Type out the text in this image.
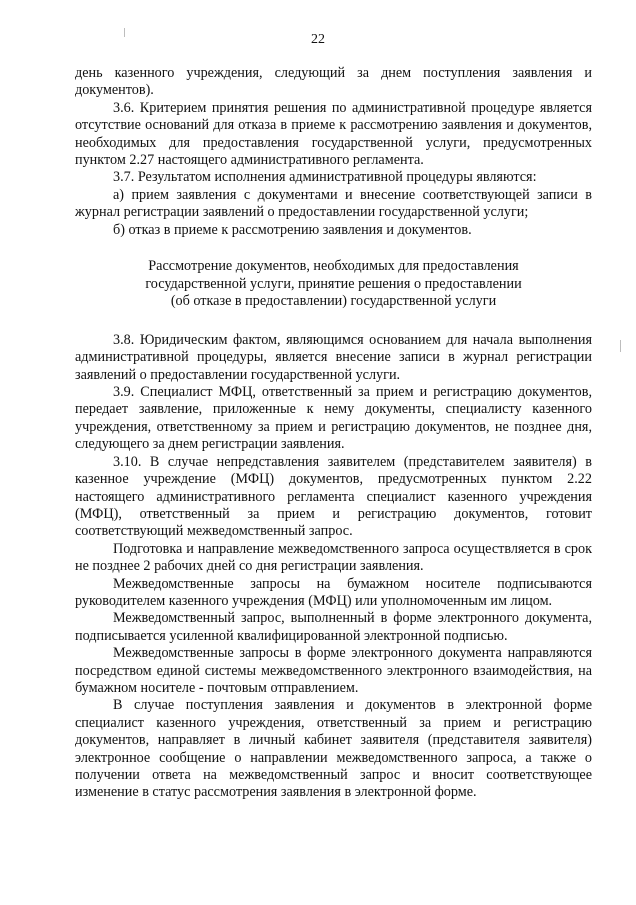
22

день казенного учреждения, следующий за днем поступления заявления и документов).

3.6. Критерием принятия решения по административной процедуре является отсутствие оснований для отказа в приеме к рассмотрению заявления и документов, необходимых для предоставления государственной услуги, предусмотренных пунктом 2.27 настоящего административного регламента.

3.7. Результатом исполнения административной процедуры являются:

а) прием заявления с документами и внесение соответствующей записи в журнал регистрации заявлений о предоставлении государственной услуги;

б) отказ в приеме к рассмотрению заявления и документов.

Рассмотрение документов, необходимых для предоставления
государственной услуги, принятие решения о предоставлении
(об отказе в предоставлении) государственной услуги

3.8. Юридическим фактом, являющимся основанием для начала выполнения административной процедуры, является внесение записи в журнал регистрации заявлений о предоставлении государственной услуги.

3.9. Специалист МФЦ, ответственный за прием и регистрацию документов, передает заявление, приложенные к нему документы, специалисту казенного учреждения, ответственному за прием и регистрацию документов, не позднее дня, следующего за днем регистрации заявления.

3.10. В случае непредставления заявителем (представителем заявителя) в казенное учреждение (МФЦ) документов, предусмотренных пунктом 2.22 настоящего административного регламента специалист казенного учреждения (МФЦ), ответственный за прием и регистрацию документов, готовит соответствующий межведомственный запрос.

Подготовка и направление межведомственного запроса осуществляется в срок не позднее 2 рабочих дней со дня регистрации заявления.

Межведомственные запросы на бумажном носителе подписываются руководителем казенного учреждения (МФЦ) или уполномоченным им лицом.

Межведомственный запрос, выполненный в форме электронного документа, подписывается усиленной квалифицированной электронной подписью.

Межведомственные запросы в форме электронного документа направляются посредством единой системы межведомственного электронного взаимодействия, на бумажном носителе - почтовым отправлением.

В случае поступления заявления и документов в электронной форме специалист казенного учреждения, ответственный за прием и регистрацию документов, направляет в личный кабинет заявителя (представителя заявителя) электронное сообщение о направлении межведомственного запроса, а также о получении ответа на межведомственный запрос и вносит соответствующее изменение в статус рассмотрения заявления в электронной форме.
